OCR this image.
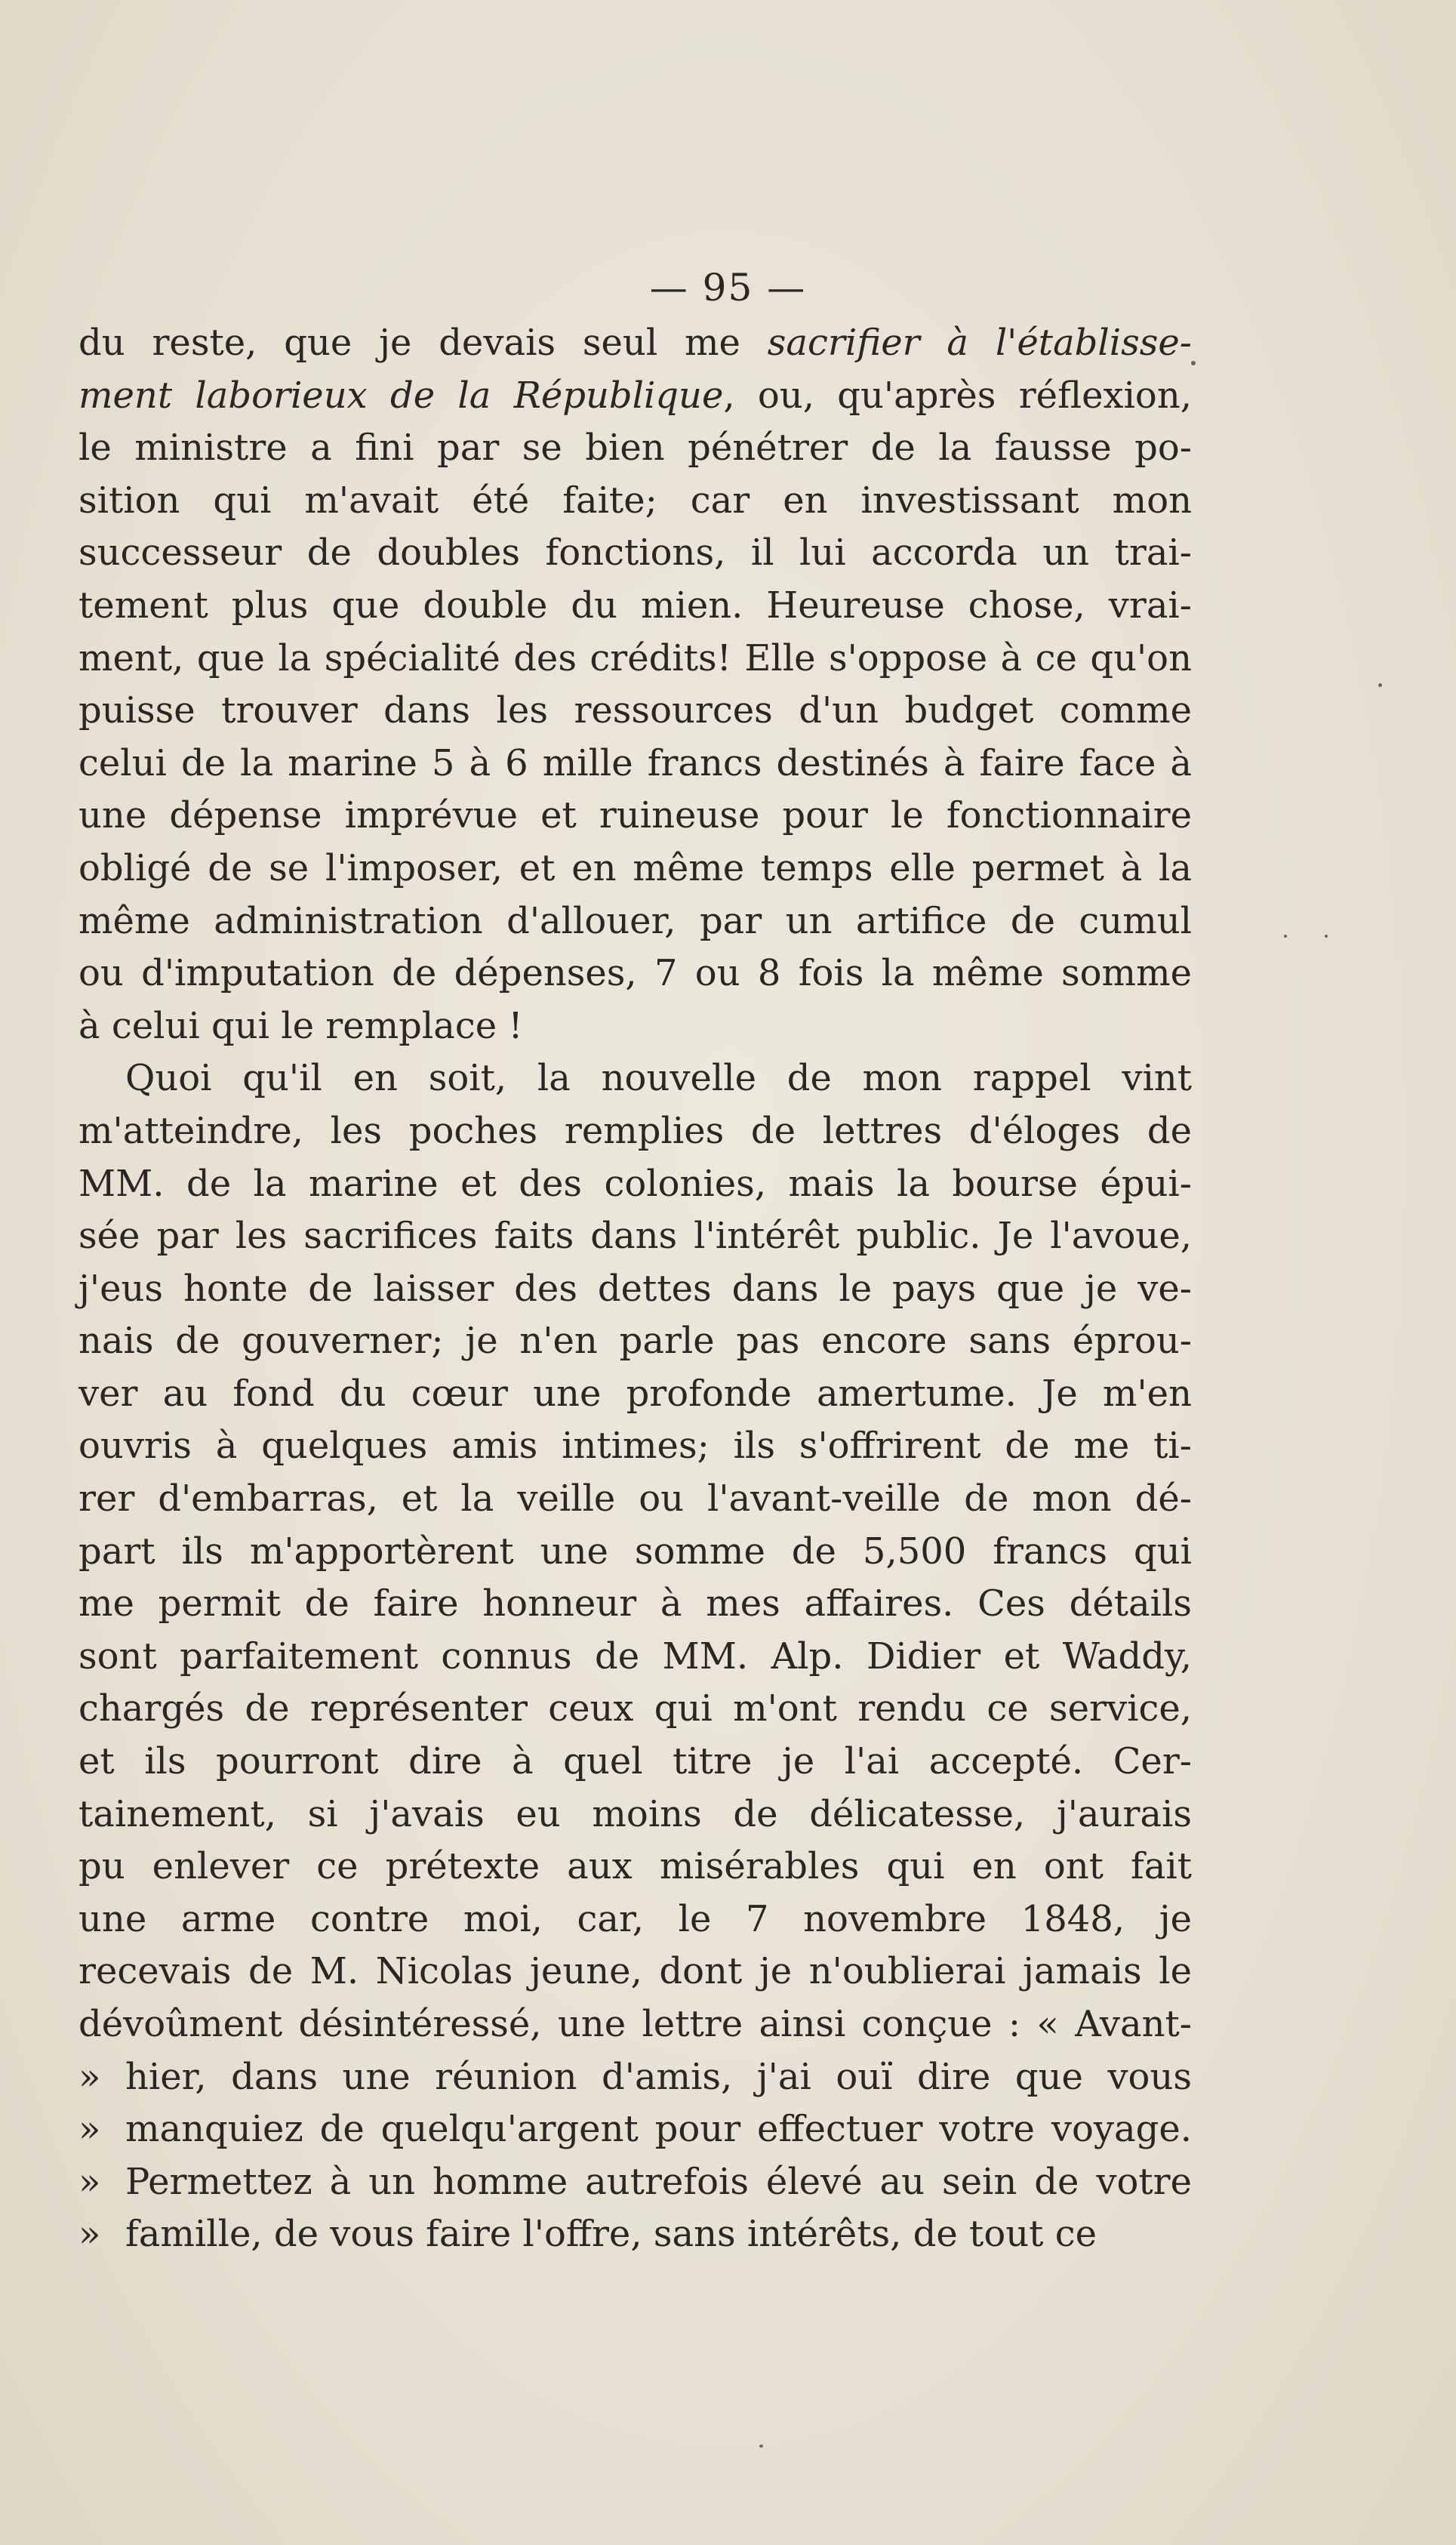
— 95 —
du reste, que je devais seul me sacrifier à l'établisse-
ment laborieux de la République, ou, qu'après réflexion,
le ministre a fini par se bien pénétrer de la fausse po-
sition qui m'avait été faite; car en investissant mon
successeur de doubles fonctions, il lui accorda un trai-
tement plus que double du mien. Heureuse chose, vrai-
ment, que la spécialité des crédits! Elle s'oppose à ce qu'on
puisse trouver dans les ressources d'un budget comme
celui de la marine 5 à 6 mille francs destinés à faire face à
une dépense imprévue et ruineuse pour le fonctionnaire
obligé de se l'imposer, et en même temps elle permet à la
même administration d'allouer, par un artifice de cumul
ou d'imputation de dépenses, 7 ou 8 fois la même somme
à celui qui le remplace !
Quoi qu'il en soit, la nouvelle de mon rappel vint
m'atteindre, les poches remplies de lettres d'éloges de
MM. de la marine et des colonies, mais la bourse épui-
sée par les sacrifices faits dans l'intérêt public. Je l'avoue,
j'eus honte de laisser des dettes dans le pays que je ve-
nais de gouverner; je n'en parle pas encore sans éprou-
ver au fond du cœur une profonde amertume. Je m'en
ouvris à quelques amis intimes; ils s'offrirent de me ti-
rer d'embarras, et la veille ou l'avant-veille de mon dé-
part ils m'apportèrent une somme de 5,500 francs qui
me permit de faire honneur à mes affaires. Ces détails
sont parfaitement connus de MM. Alp. Didier et Waddy,
chargés de représenter ceux qui m'ont rendu ce service,
et ils pourront dire à quel titre je l'ai accepté. Cer-
tainement, si j'avais eu moins de délicatesse, j'aurais
pu enlever ce prétexte aux misérables qui en ont fait
une arme contre moi, car, le 7 novembre 1848, je
recevais de M. Nicolas jeune, dont je n'oublierai jamais le
dévoûment désintéressé, une lettre ainsi conçue : « Avant-
» hier, dans une réunion d'amis, j'ai ouï dire que vous
» manquiez de quelqu'argent pour effectuer votre voyage.
» Permettez à un homme autrefois élevé au sein de votre
» famille, de vous faire l'offre, sans intérêts, de tout ce
